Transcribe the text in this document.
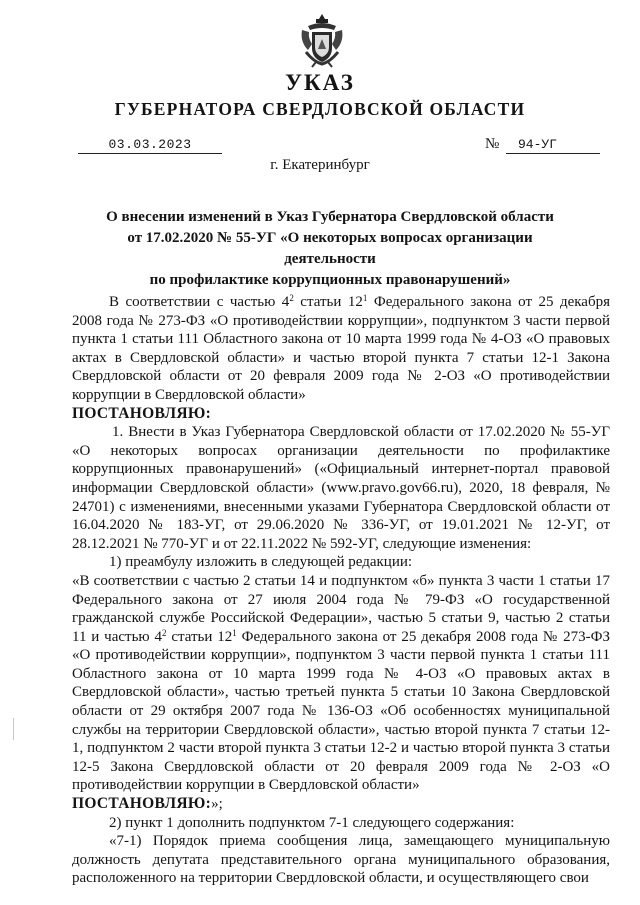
УКАЗ
ГУБЕРНАТОРА СВЕРДЛОВСКОЙ ОБЛАСТИ
03.03.2023	№	94-УГ
г. Екатеринбург
О внесении изменений в Указ Губернатора Свердловской области
от 17.02.2020 № 55-УГ «О некоторых вопросах организации деятельности
по профилактике коррупционных правонарушений»

В соответствии с частью $4^2$ статьи $12^1$ Федерального закона от 25 декабря 2008 года № 273-ФЗ «О противодействии коррупции», подпунктом 3 части первой пункта 1 статьи 111 Областного закона от 10 марта 1999 года № 4-ОЗ «О правовых актах в Свердловской области» и частью второй пункта 7 статьи 12-1 Закона Свердловской области от 20 февраля 2009 года № 2-ОЗ «О противодействии коррупции в Свердловской области»

ПОСТАНОВЛЯЮ:

1. Внести в Указ Губернатора Свердловской области от 17.02.2020 № 55-УГ «О некоторых вопросах организации деятельности по профилактике коррупционных правонарушений» («Официальный интернет-портал правовой информации Свердловской области» (www.pravo.gov66.ru), 2020, 18 февраля, № 24701) с изменениями, внесенными указами Губернатора Свердловской области от 16.04.2020 № 183-УГ, от 29.06.2020 № 336-УГ, от 19.01.2021 № 12-УГ, от 28.12.2021 № 770-УГ и от 22.11.2022 № 592-УГ, следующие изменения:

1) преамбулу изложить в следующей редакции:

«В соответствии с частью 2 статьи 14 и подпунктом «б» пункта 3 части 1 статьи 17 Федерального закона от 27 июля 2004 года № 79-ФЗ «О государственной гражданской службе Российской Федерации», частью 5 статьи 9, частью 2 статьи 11 и частью $4^2$ статьи $12^1$ Федерального закона от 25 декабря 2008 года № 273-ФЗ «О противодействии коррупции», подпунктом 3 части первой пункта 1 статьи 111 Областного закона от 10 марта 1999 года № 4-ОЗ «О правовых актах в Свердловской области», частью третьей пункта 5 статьи 10 Закона Свердловской области от 29 октября 2007 года № 136-ОЗ «Об особенностях муниципальной службы на территории Свердловской области», частью второй пункта 7 статьи 12-1, подпунктом 2 части второй пункта 3 статьи 12-2 и частью второй пункта 3 статьи 12-5 Закона Свердловской области от 20 февраля 2009 года № 2-ОЗ «О противодействии коррупции в Свердловской области»

ПОСТАНОВЛЯЮ:»;

2) пункт 1 дополнить подпунктом 7-1 следующего содержания:

«7-1) Порядок приема сообщения лица, замещающего муниципальную должность депутата представительного органа муниципального образования, расположенного на территории Свердловской области, и осуществляющего свои
